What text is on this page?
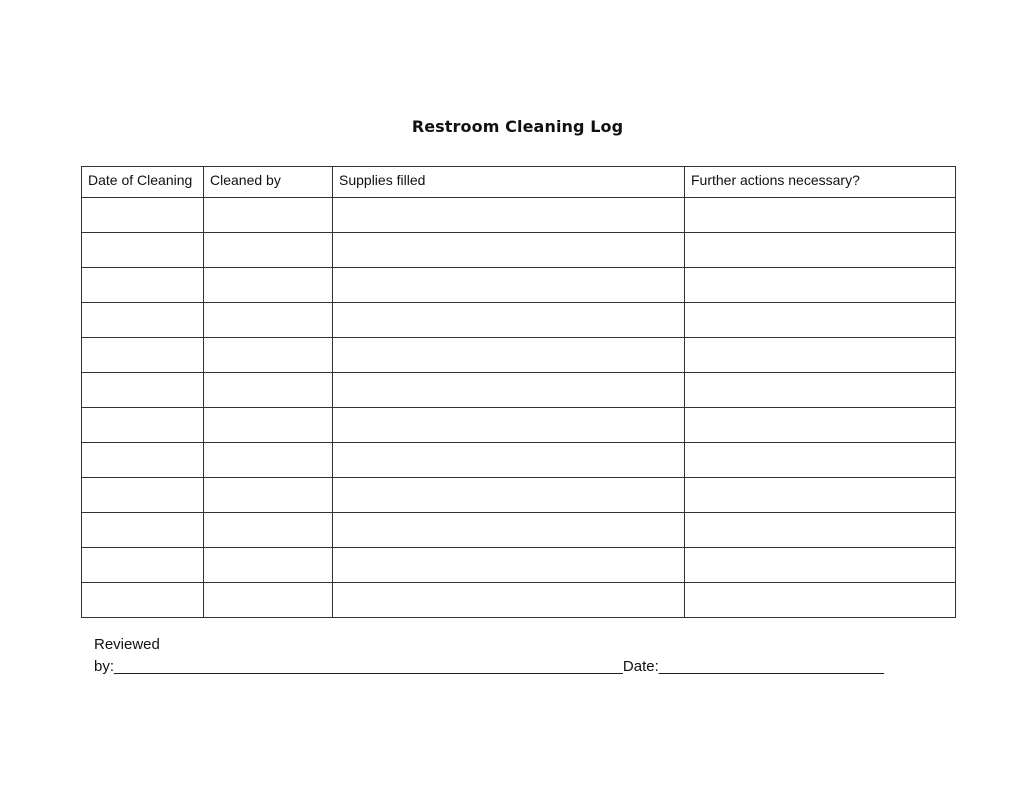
Restroom Cleaning Log
Date of Cleaning	Cleaned by	Supplies filled	Further actions necessary?

Reviewed
by:_____________________________________________________________Date:___________________________
